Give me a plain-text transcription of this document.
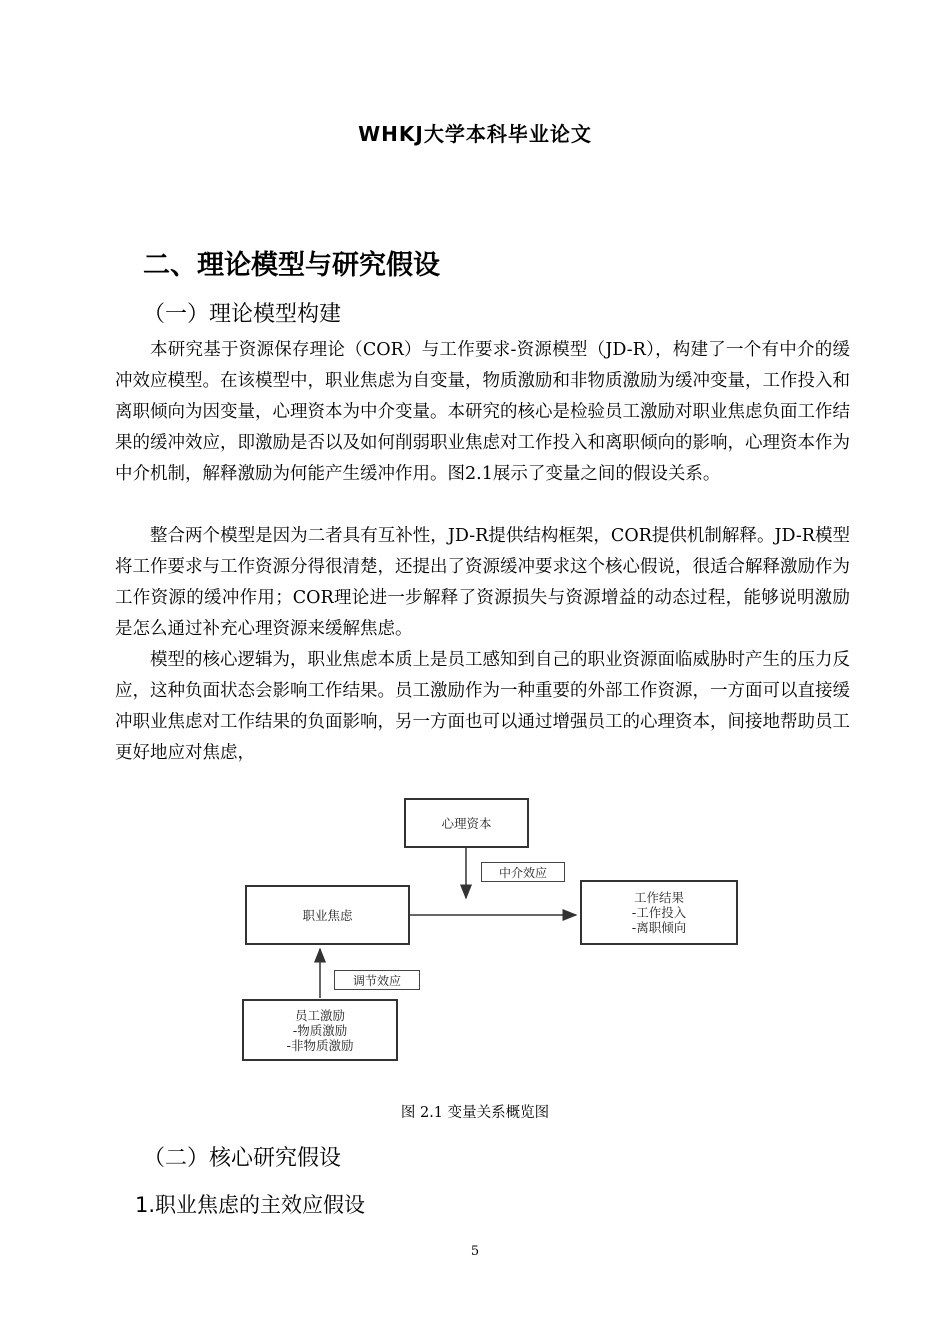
WHKJ大学本科毕业论文
二、理论模型与研究假设
（一）理论模型构建

本研究基于资源保存理论（COR）与工作要求-资源模型（JD-R），构建了一个有中介的缓冲效应模型。在该模型中，职业焦虑为自变量，物质激励和非物质激励为缓冲变量，工作投入和离职倾向为因变量，心理资本为中介变量。本研究的核心是检验员工激励对职业焦虑负面工作结果的缓冲效应，即激励是否以及如何削弱职业焦虑对工作投入和离职倾向的影响，心理资本作为中介机制，解释激励为何能产生缓冲作用。图2.1展示了变量之间的假设关系。

整合两个模型是因为二者具有互补性，JD-R提供结构框架，COR提供机制解释。JD-R模型将工作要求与工作资源分得很清楚，还提出了资源缓冲要求这个核心假说，很适合解释激励作为工作资源的缓冲作用；COR理论进一步解释了资源损失与资源增益的动态过程，能够说明激励是怎么通过补充心理资源来缓解焦虑。

模型的核心逻辑为，职业焦虑本质上是员工感知到自己的职业资源面临威胁时产生的压力反应，这种负面状态会影响工作结果。员工激励作为一种重要的外部工作资源，一方面可以直接缓冲职业焦虑对工作结果的负面影响，另一方面也可以通过增强员工的心理资本，间接地帮助员工更好地应对焦虑，

心理资本
中介效应
职业焦虑
工作结果
-工作投入
-离职倾向
调节效应
员工激励
-物质激励
-非物质激励
图 2.1 变量关系概览图
（二）核心研究假设
1.职业焦虑的主效应假设
5
